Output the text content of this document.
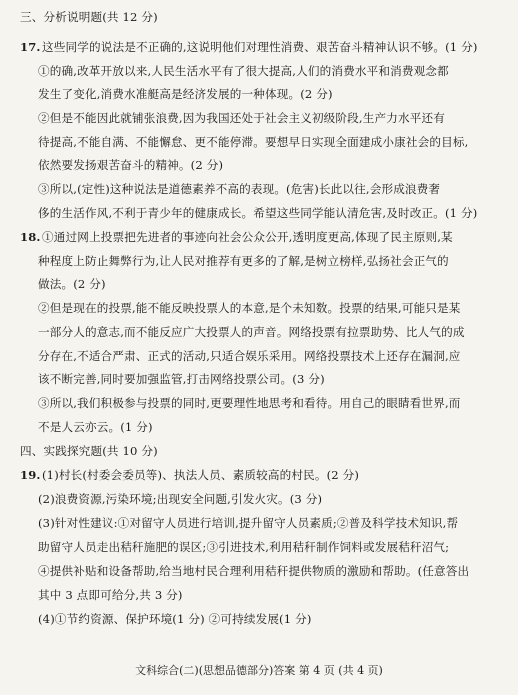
三、分析说明题(共 12 分)
17. 这些同学的说法是不正确的,这说明他们对理性消费、艰苦奋斗精神认识不够。(1 分)
①的确,改革开放以来,人民生活水平有了很大提高,人们的消费水平和消费观念都
发生了变化,消费水准艇高是经济发展的一种体现。(2 分)
②但是不能因此就铺张浪费,因为我国还处于社会主义初级阶段,生产力水平还有
待提高,不能自满、不能懈怠、更不能停滞。要想早日实现全面建成小康社会的目标,
依然要发扬艰苦奋斗的精神。(2 分)
③所以,(定性)这种说法是道德素养不高的表现。(危害)长此以往,会形成浪费奢
侈的生活作风,不利于青少年的健康成长。希望这些同学能认清危害,及时改正。(1 分)
18. ①通过网上投票把先进者的事迹向社会公众公开,透明度更高,体现了民主原则,某
种程度上防止舞弊行为,让人民对推荐有更多的了解,是树立榜样,弘扬社会正气的
做法。(2 分)
②但是现在的投票,能不能反映投票人的本意,是个未知数。投票的结果,可能只是某
一部分人的意志,而不能反应广大投票人的声音。网络投票有拉票助势、比人气的成
分存在,不适合严肃、正式的活动,只适合娱乐采用。网络投票技术上还存在漏洞,应
该不断完善,同时要加强监管,打击网络投票公司。(3 分)
③所以,我们积极参与投票的同时,更要理性地思考和看待。用自己的眼睛看世界,而
不是人云亦云。(1 分)
四、实践探究题(共 10 分)
19. (1)村长(村委会委员等)、执法人员、素质较高的村民。(2 分)
(2)浪费资源,污染环境;出现安全问题,引发火灾。(3 分)
(3)针对性建议:①对留守人员进行培训,提升留守人员素质;②普及科学技术知识,帮
助留守人员走出秸秆施肥的误区;③引进技术,利用秸秆制作饲料或发展秸秆沼气;
④提供补贴和设备帮助,给当地村民合理利用秸秆提供物质的激励和帮助。(任意答出
其中 3 点即可给分,共 3 分)
(4)①节约资源、保护环境(1 分) ②可持续发展(1 分)
文科综合(二)(思想品德部分)答案 第 4 页 (共 4 页)
